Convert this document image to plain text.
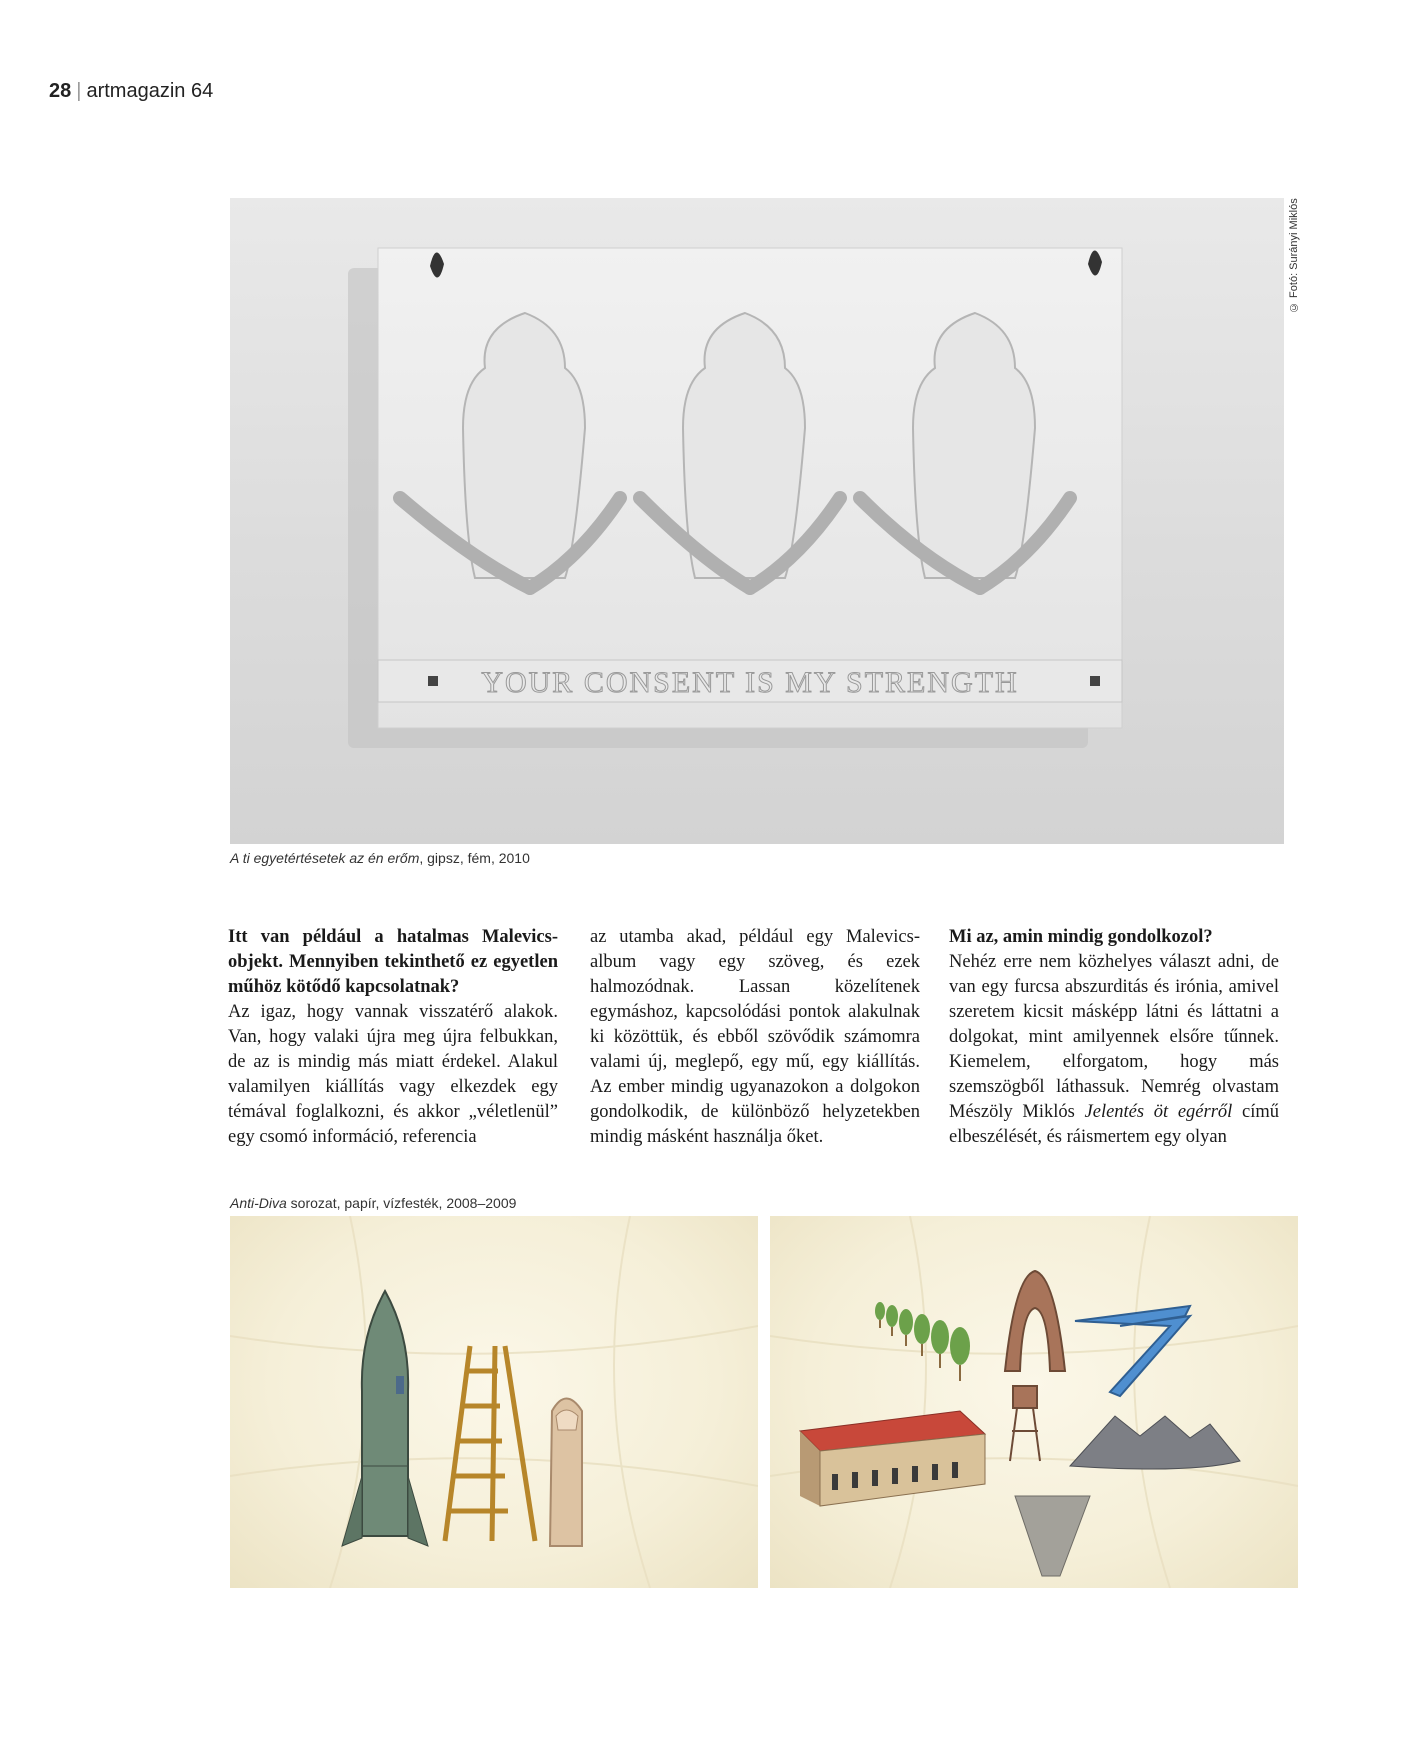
28 | artmagazin 64
YOUR CONSENT IS MY STRENGTH
© Fotó: Surányi Miklós
A ti egyetértésetek az én erőm, gipsz, fém, 2010

Itt van például a hatalmas Malevics-objekt. Mennyiben tekinthető ez egyetlen műhöz kötődő kapcsolatnak?

Az igaz, hogy vannak visszatérő alakok. Van, hogy valaki újra meg újra felbukkan, de az is mindig más miatt érdekel. Alakul valamilyen kiállítás vagy elkezdek egy témával foglalkozni, és akkor „véletlenül” egy csomó információ, referencia

az utamba akad, például egy Malevics-album vagy egy szöveg, és ezek halmozódnak. Lassan közelítenek egymáshoz, kapcsolódási pontok alakulnak ki közöttük, és ebből szövődik számomra valami új, meglepő, egy mű, egy kiállítás. Az ember mindig ugyanazokon a dolgokon gondolkodik, de különböző helyzetekben mindig másként használja őket.

Mi az, amin mindig gondolkozol?

Nehéz erre nem közhelyes választ adni, de van egy furcsa abszurditás és irónia, amivel szeretem kicsit másképp látni és láttatni a dolgokat, mint amilyennek elsőre tűnnek. Kiemelem, elforgatom, hogy más szemszögből láthassuk. Nemrég olvastam Mészöly Miklós Jelentés öt egérről című elbeszélését, és ráismertem egy olyan

Anti-Diva sorozat, papír, vízfesték, 2008–2009
